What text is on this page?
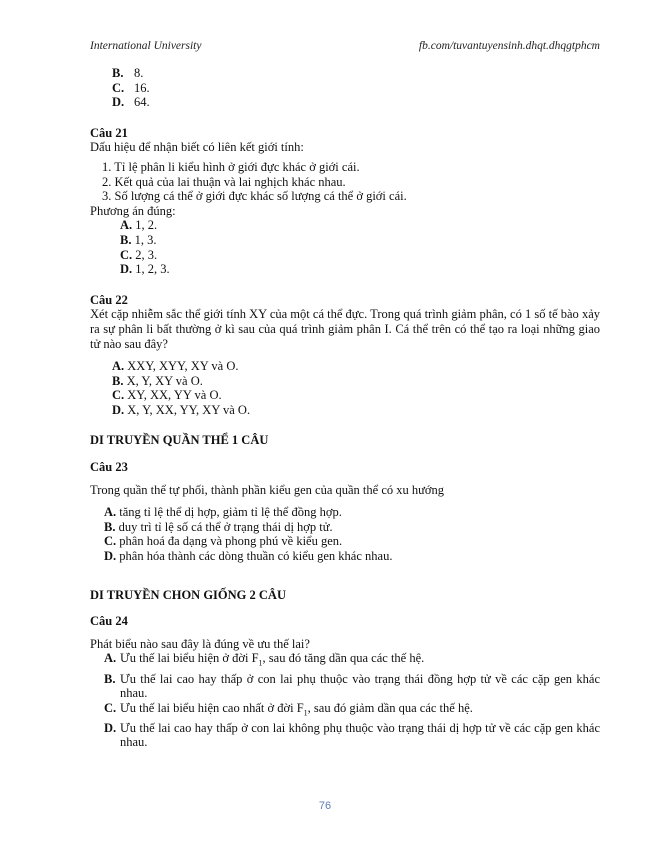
International University	fb.com/tuvantuyensinh.dhqt.dhqgtphcm
B. 8.
C. 16.
D. 64.
Câu 21
Dấu hiệu để nhận biết có liên kết giới tính:
1. Tỉ lệ phân li kiểu hình ở giới đực khác ở giới cái.
2. Kết quả của lai thuận và lai nghịch khác nhau.
3. Số lượng cá thể ở giới đực khác số lượng cá thể ở giới cái.
Phương án đúng:
A. 1, 2.
B. 1, 3.
C. 2, 3.
D. 1, 2, 3.
Câu 22
Xét cặp nhiễm sắc thể giới tính XY của một cá thể đực. Trong quá trình giảm phân, có 1 số tế bào xảy ra sự phân li bất thường ở kì sau của quá trình giảm phân I. Cá thể trên có thể tạo ra loại những giao tử nào sau đây?
A.
XXY, XYY, XY và O.
B.
X, Y, XY và O.
C.
XY, XX, YY và O.
D.
X, Y, XX, YY, XY và O.
DI TRUYỀN QUẦN THỂ 1 CÂU
Câu 23
Trong quần thể tự phối, thành phần kiểu gen của quần thể có xu hướng
A.
tăng tỉ lệ thể dị hợp, giảm tỉ lệ thể đồng hợp.
B.
duy trì tỉ lệ số cá thể ở trạng thái dị hợp tử.
C.
phân hoá đa dạng và phong phú về kiểu gen.
D.
phân hóa thành các dòng thuần có kiểu gen khác nhau.
DI TRUYỀN CHON GIỐNG 2 CÂU
Câu 24
Phát biểu nào sau đây là đúng về ưu thế lai?
A. Ưu thế lai biểu hiện ở đời $F_1$, sau đó tăng dần qua các thế hệ.
B. Ưu thế lai cao hay thấp ở con lai phụ thuộc vào trạng thái đồng hợp tử về các cặp gen khác nhau.
C. Ưu thế lai biểu hiện cao nhất ở đời $F_1$, sau đó giảm dần qua các thế hệ.
D. Ưu thế lai cao hay thấp ở con lai không phụ thuộc vào trạng thái dị hợp tử về các cặp gen khác nhau.
76
